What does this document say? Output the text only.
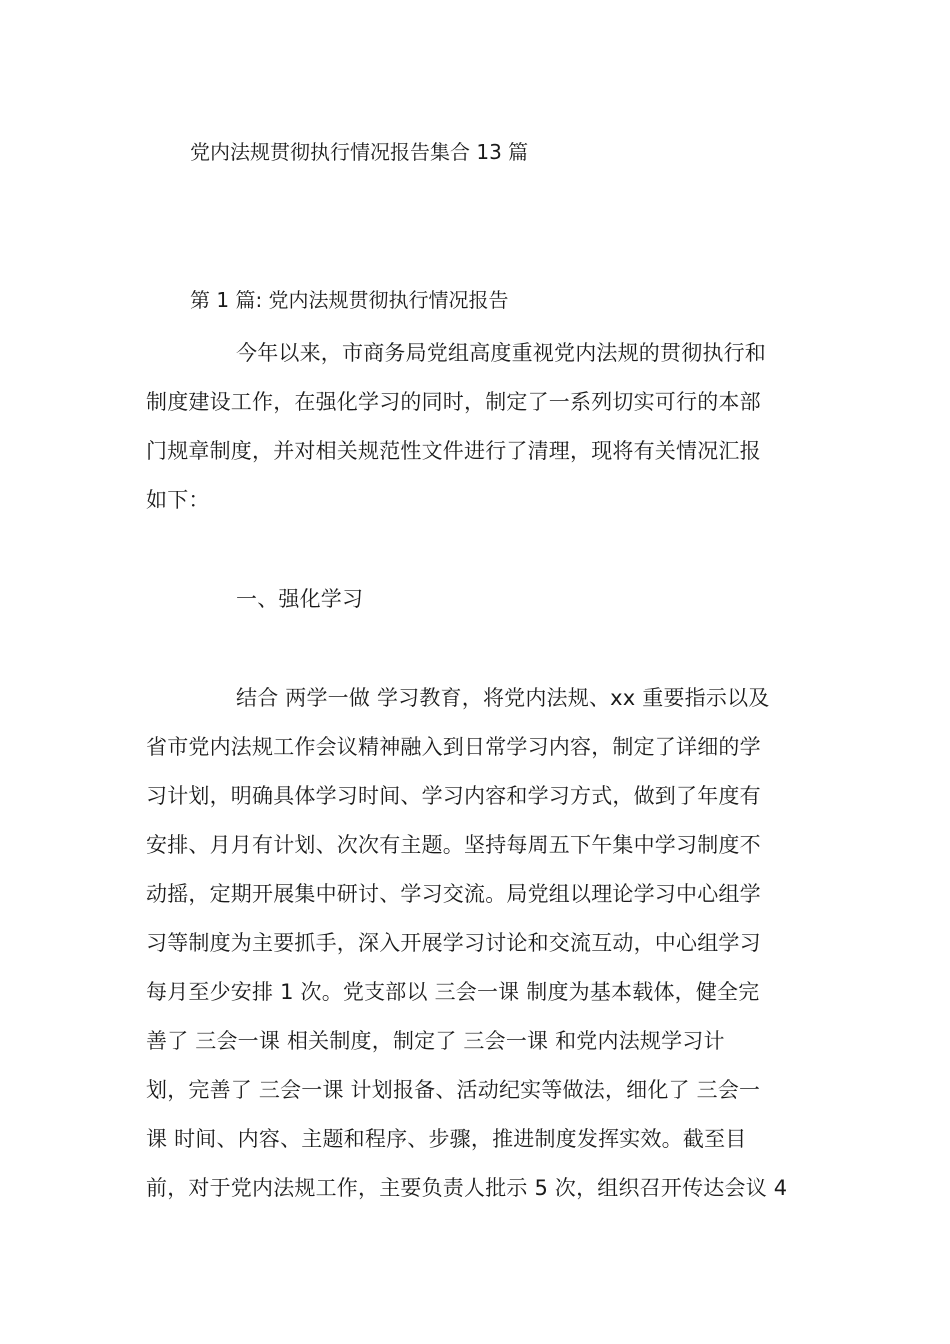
党内法规贯彻执行情况报告集合 13 篇
第 1 篇: 党内法规贯彻执行情况报告
今年以来，市商务局党组高度重视党内法规的贯彻执行和
制度建设工作，在强化学习的同时，制定了一系列切实可行的本部
门规章制度，并对相关规范性文件进行了清理，现将有关情况汇报
如下：
一、强化学习
结合 两学一做 学习教育，将党内法规、xx 重要指示以及
省市党内法规工作会议精神融入到日常学习内容，制定了详细的学
习计划，明确具体学习时间、学习内容和学习方式，做到了年度有
安排、月月有计划、次次有主题。坚持每周五下午集中学习制度不
动摇，定期开展集中研讨、学习交流。局党组以理论学习中心组学
习等制度为主要抓手，深入开展学习讨论和交流互动，中心组学习
每月至少安排 1 次。党支部以 三会一课 制度为基本载体，健全完
善了 三会一课 相关制度，制定了 三会一课 和党内法规学习计
划，完善了 三会一课 计划报备、活动纪实等做法，细化了 三会一
课 时间、内容、主题和程序、步骤，推进制度发挥实效。截至目
前，对于党内法规工作，主要负责人批示 5 次，组织召开传达会议 4
